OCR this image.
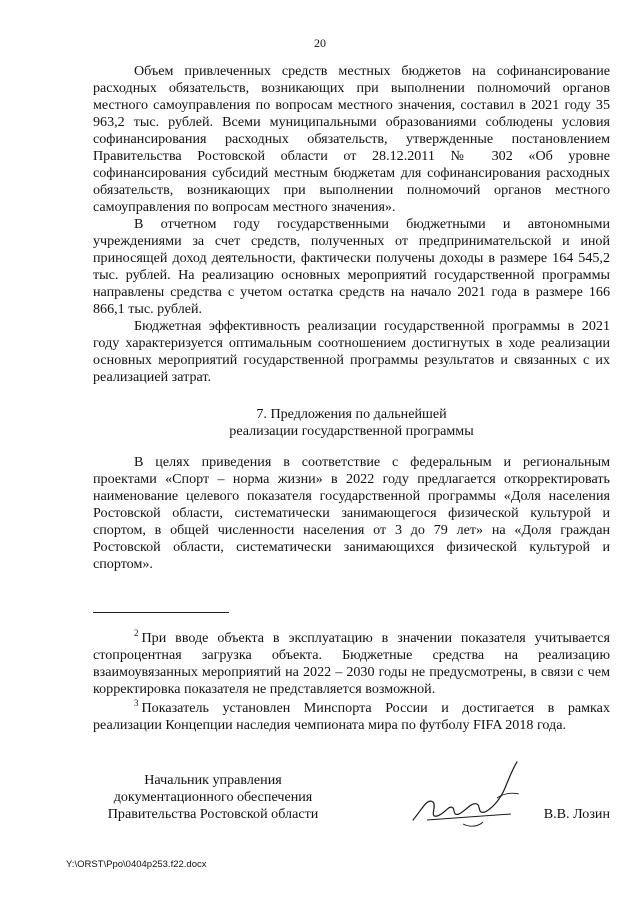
20

Объем привлеченных средств местных бюджетов на софинансирование расходных обязательств, возникающих при выполнении полномочий органов местного самоуправления по вопросам местного значения, составил в 2021 году 35 963,2 тыс. рублей. Всеми муниципальными образованиями соблюдены условия софинансирования расходных обязательств, утвержденные постановлением Правительства Ростовской области от 28.12.2011 № 302 «Об уровне софинансирования субсидий местным бюджетам для софинансирования расходных обязательств, возникающих при выполнении полномочий органов местного самоуправления по вопросам местного значения».

В отчетном году государственными бюджетными и автономными учреждениями за счет средств, полученных от предпринимательской и иной приносящей доход деятельности, фактически получены доходы в размере 164 545,2 тыс. рублей. На реализацию основных мероприятий государственной программы направлены средства с учетом остатка средств на начало 2021 года в размере 166 866,1 тыс. рублей.

Бюджетная эффективность реализации государственной программы в 2021 году характеризуется оптимальным соотношением достигнутых в ходе реализации основных мероприятий государственной программы результатов и связанных с их реализацией затрат.

7. Предложения по дальнейшей
реализации государственной программы

В целях приведения в соответствие с федеральным и региональным проектами «Спорт – норма жизни» в 2022 году предлагается откорректировать наименование целевого показателя государственной программы «Доля населения Ростовской области, систематически занимающегося физической культурой и спортом, в общей численности населения от 3 до 79 лет» на «Доля граждан Ростовской области, систематически занимающихся физической культурой и спортом».

$^2$ При вводе объекта в эксплуатацию в значении показателя учитывается стопроцентная загрузка объекта. Бюджетные средства на реализацию взаимоувязанных мероприятий на 2022 – 2030 годы не предусмотрены, в связи с чем корректировка показателя не представляется возможной.

$^3$ Показатель установлен Минспорта России и достигается в рамках реализации Концепции наследия чемпионата мира по футболу FIFA 2018 года.

Начальник управления
документационного обеспечения
Правительства Ростовской области	В.В. Лозин
Y:\ORST\Ppo\0404p253.f22.docx
